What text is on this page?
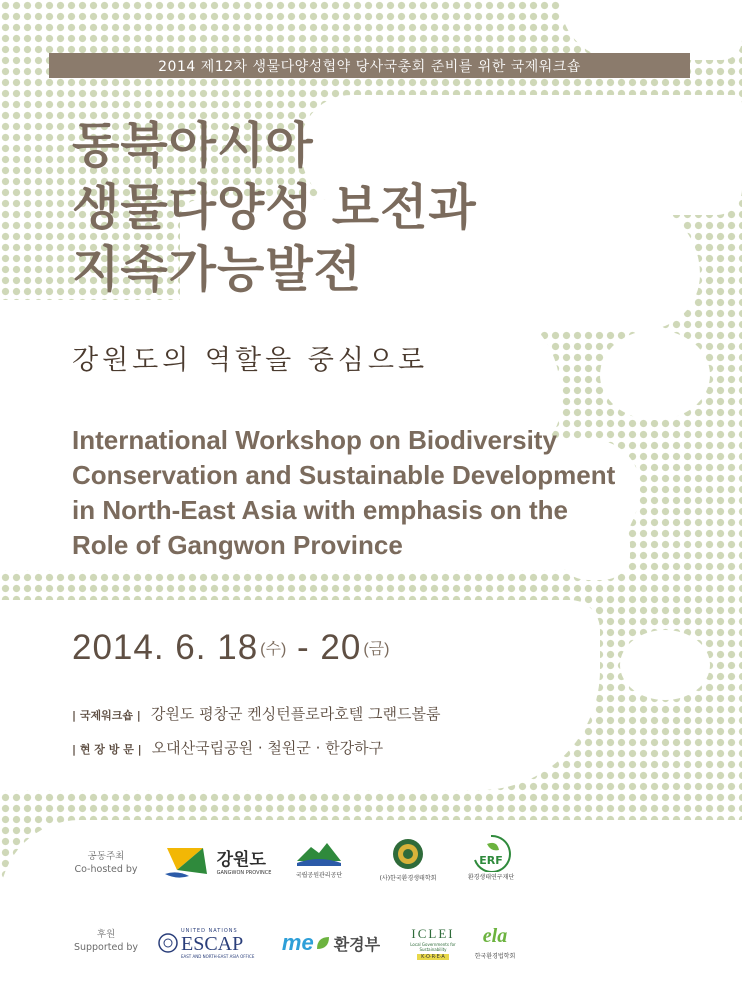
2014 제12차 생물다양성협약 당사국총회 준비를 위한 국제워크숍
동북아시아
생물다양성 보전과
지속가능발전
강원도의 역할을 중심으로
International Workshop on Biodiversity
Conservation and Sustainable Development
in North-East Asia with emphasis on the
Role of Gangwon Province
2014. 6. 18 (수) - 20 (금)
| 국제워크숍 | 강원도 평창군 켄싱턴플로라호텔 그랜드볼룸
| 현 장 방 문 | 오대산국립공원 · 철원군 · 한강하구
공동주최
Co-hosted by	강원도
GANGWON PROVINCE	국립공원관리공단	(사)한국환경생태학회
ERF
환경생태연구재단
후원
Supported by
UNITED NATIONS
ESCAP
EAST AND NORTH-EAST ASIA OFFICE
me 환경부
ICLEI
Local Governments for Sustainability
K·O·R·E·A
ela
한국환경법학회
